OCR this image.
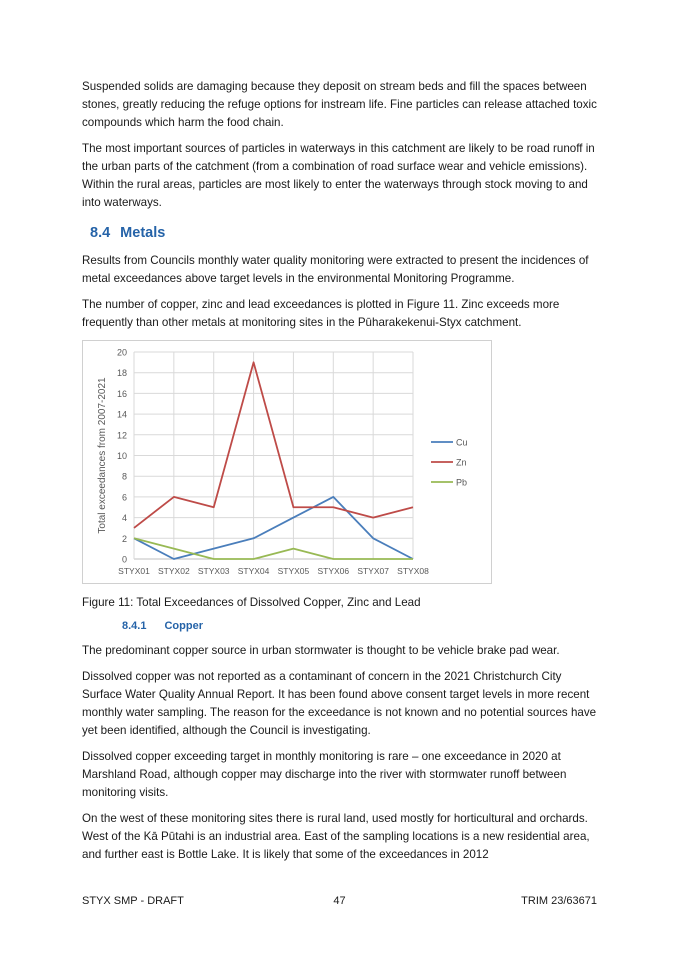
Suspended solids are damaging because they deposit on stream beds and fill the spaces between stones, greatly reducing the refuge options for instream life. Fine particles can release attached toxic compounds which harm the food chain.

The most important sources of particles in waterways in this catchment are likely to be road runoff in the urban parts of the catchment (from a combination of road surface wear and vehicle emissions). Within the rural areas, particles are most likely to enter the waterways through stock moving to and into waterways.

8.4 Metals

Results from Councils monthly water quality monitoring were extracted to present the incidences of metal exceedances above target levels in the environmental Monitoring Programme.

The number of copper, zinc and lead exceedances is plotted in Figure 11. Zinc exceeds more frequently than other metals at monitoring sites in the Pūharakekenui-Styx catchment.

0
2
4
6
8
10
12
14
16
18
20
STYX01 STYX02 STYX03 STYX04 STYX05 STYX06 STYX07 STYX08
Total exceedances from 2007-2021	Cu
Zn
Pb

Figure 11: Total Exceedances of Dissolved Copper, Zinc and Lead

8.4.1 Copper

The predominant copper source in urban stormwater is thought to be vehicle brake pad wear.

Dissolved copper was not reported as a contaminant of concern in the 2021 Christchurch City Surface Water Quality Annual Report. It has been found above consent target levels in more recent monthly water sampling. The reason for the exceedance is not known and no potential sources have yet been identified, although the Council is investigating.

Dissolved copper exceeding target in monthly monitoring is rare – one exceedance in 2020 at Marshland Road, although copper may discharge into the river with stormwater runoff between monitoring visits.

On the west of these monitoring sites there is rural land, used mostly for horticultural and orchards. West of the Kā Pūtahi is an industrial area. East of the sampling locations is a new residential area, and further east is Bottle Lake. It is likely that some of the exceedances in 2012

STYX SMP - DRAFT	47	TRIM 23/63671
